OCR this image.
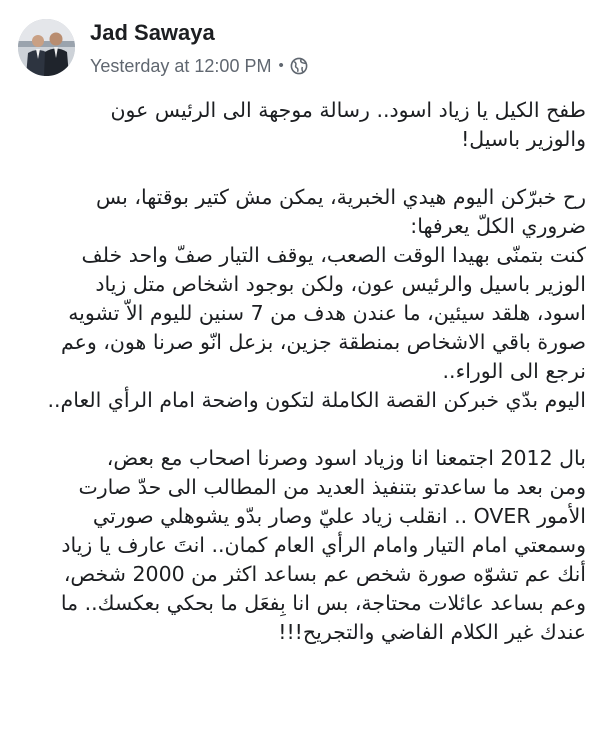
Jad Sawaya
Yesterday at 12:00 PM •

طفح الكيل يا زياد اسود.. رسالة موجهة الى الرئيس عون
والوزير باسيل!

رح خبرّكن اليوم هيدي الخبرية، يمكن مش كتير بوقتها، بس
ضروري الكلّ يعرفها:
كنت بتمنّى بهيدا الوقت الصعب، يوقف التيار صفّ واحد خلف
الوزير باسيل والرئيس عون، ولكن بوجود اشخاص متل زياد
اسود، هلقد سيئين، ما عندن هدف من 7 سنين لليوم الاّ تشويه
صورة باقي الاشخاص بمنطقة جزين، بزعل انّو صرنا هون، وعم
نرجع الى الوراء..
اليوم بدّي خبركن القصة الكاملة لتكون واضحة امام الرأي العام..

بال 2012 اجتمعنا انا وزياد اسود وصرنا اصحاب مع بعض،
ومن بعد ما ساعدتو بتنفيذ العديد من المطالب الى حدّ صارت
الأمور OVER .. انقلب زياد عليّ وصار بدّو يشوهلي صورتي
وسمعتي امام التيار وامام الرأي العام كمان.. انتَ عارف يا زياد
أنك عم تشوّه صورة شخص عم بساعد اكثر من 2000 شخص،
وعم بساعد عائلات محتاجة، بس انا بِفعَل ما بحكي بعكسك.. ما
عندك غير الكلام الفاضي والتجريح!!!
